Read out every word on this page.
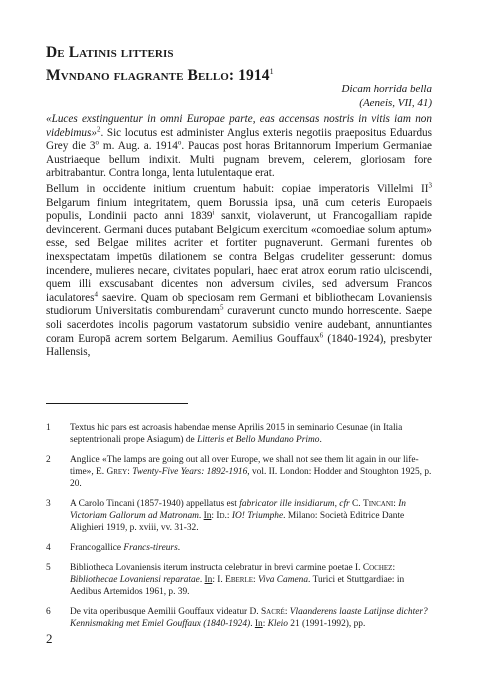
De Latinis litteris
Mvndano flagrante Bello: 1914$^1$
Dicam horrida bella
(Aeneis, VII, 41)

«Luces exstinguentur in omni Europae parte, eas accensas nostris in vitis iam non videbimus»$^2$. Sic locutus est administer Anglus exteris negotiis praepositus Eduardus Grey die 3$^o$ m. Aug. a. 1914$^o$. Paucas post horas Britannorum Imperium Germaniae Austriaeque bellum indixit. Multi pugnam brevem, celerem, gloriosam fore arbitrabantur. Contra longa, lenta lutulentaque erat.

Bellum in occidente initium cruentum habuit: copiae imperatoris Villelmi $II^3$ Belgarum finium integritatem, quem Borussia ipsa, unā cum ceteris Europaeis populis, Londinii pacto anni 1839$^i$ sanxit, violaverunt, ut Francogalliam rapide devincerent. Germani duces putabant Belgicum exercitum «comoediae solum aptum» esse, sed Belgae milites acriter et fortiter pugnaverunt. Germani furentes ob inexspectatam impetūs dilationem se contra Belgas crudeliter gesserunt: domus incendere, mulieres necare, civitates populari, haec erat atrox eorum ratio ulciscendi, quem illi exscusabant dicentes non adversum civiles, sed adversum Francos iaculatores$^4$ saevire. Quam ob speciosam rem Germani et bibliothecam Lovaniensis studiorum Universitatis comburendam$^5$ curaverunt cuncto mundo horrescente. Saepe soli sacerdotes incolis pagorum vastatorum subsidio venire audebant, annuntiantes coram Europā acrem sortem Belgarum. Aemilius Gouffaux$^6$ (1840-1924), presbyter Hallensis,

1	Textus hic pars est acroasis habendae mense Aprilis 2015 in seminario Cesunae (in Italia septentrionali prope Asiagum) de Litteris et Bello Mundano Primo.
2	Anglice «The lamps are going out all over Europe, we shall not see them lit again in our life-time», E. Grey: Twenty-Five Years: 1892-1916, vol. II. London: Hodder and Stoughton 1925, p. 20.
3	A Carolo Tincani (1857-1940) appellatus est fabricator ille insidiarum, cfr C. Tincani: In Victoriam Gallorum ad Matronam. In: Id.: IO! Triumphe. Milano: Società Editrice Dante Alighieri 1919, p. xviii, vv. 31-32.
4	Francogallice Francs-tireurs.
5	Bibliotheca Lovaniensis iterum instructa celebratur in brevi carmine poetae I. Cochez: Bibliothecae Lovaniensi reparatae. In: I. Eberle: Viva Camena. Turici et Stuttgardiae: in Aedibus Artemidos 1961, p. 39.
6	De vita operibusque Aemilii Gouffaux videatur D. Sacré: Vlaanderens laaste Latijnse dichter? Kennismaking met Emiel Gouffaux (1840-1924). In: Kleio 21 (1991-1992), pp.
2
